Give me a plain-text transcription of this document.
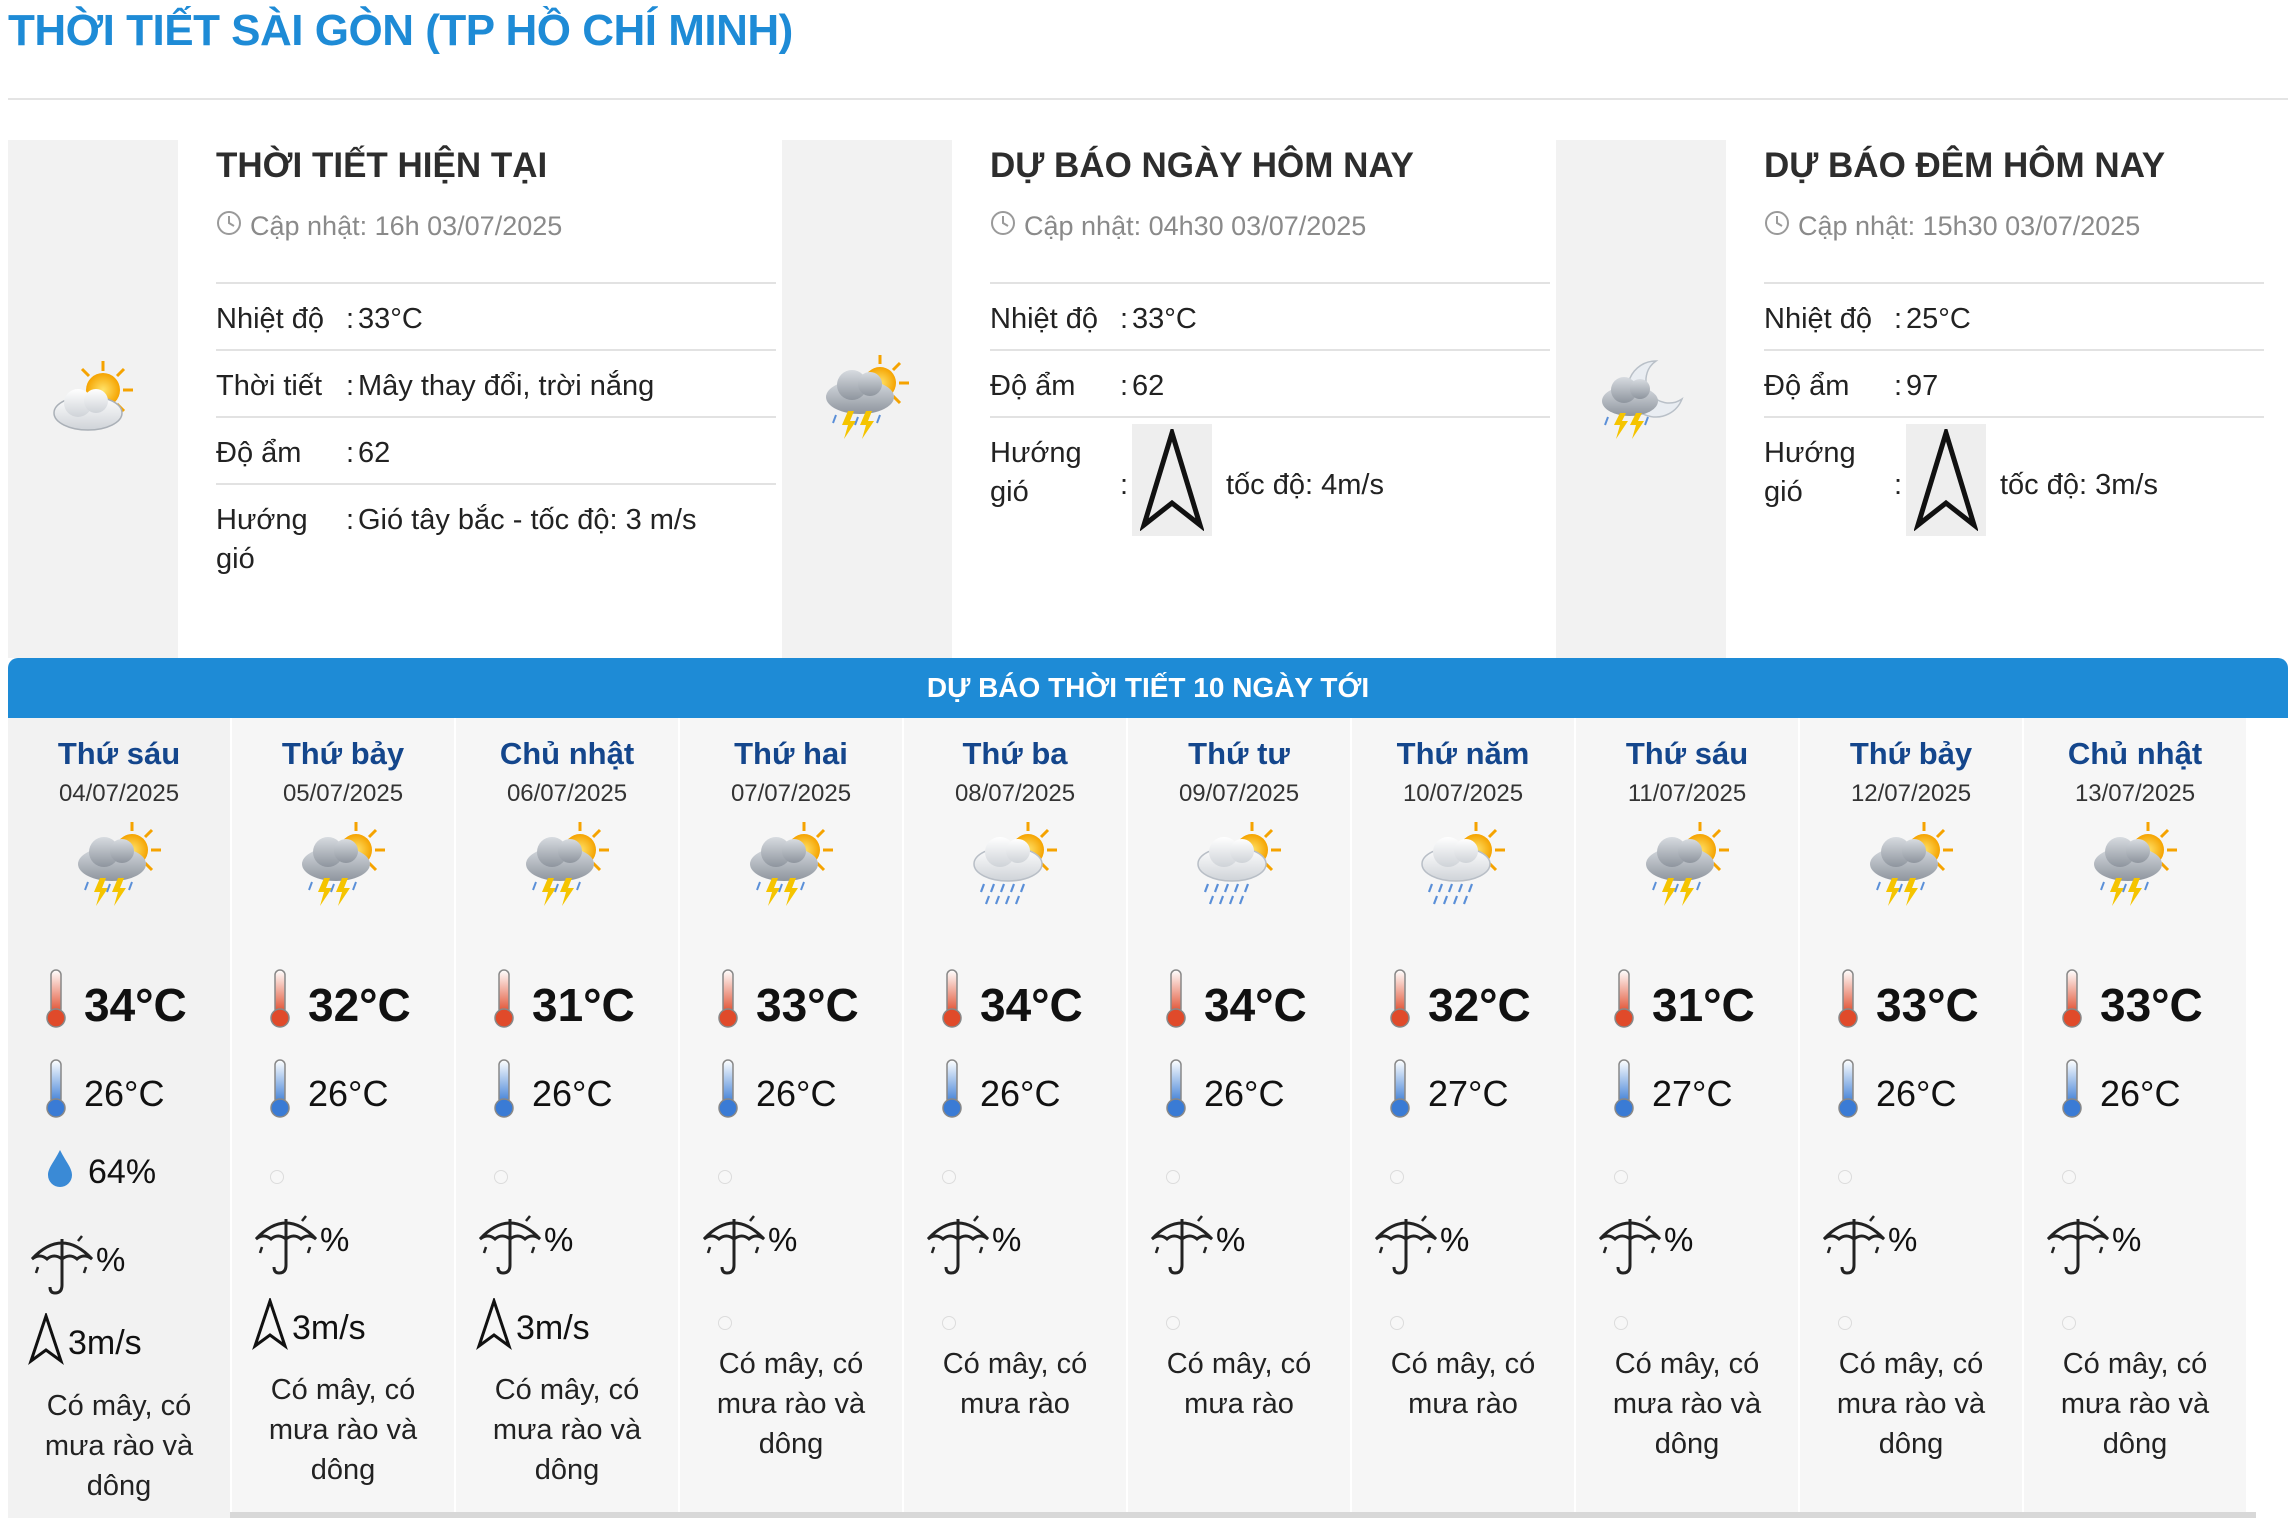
THỜI TIẾT SÀI GÒN (TP HỒ CHÍ MINH)
THỜI TIẾT HIỆN TẠI
Cập nhật: 16h 03/07/2025
Nhiệt độ	: 33°C
Thời tiết	: Mây thay đổi, trời nắng
Độ ẩm	: 62
Hướng gió
: Gió tây bắc - tốc độ: 3 m/s
DỰ BÁO NGÀY HÔM NAY
Cập nhật: 04h30 03/07/2025
Nhiệt độ	: 33°C
Độ ẩm	: 62
Hướng gió	: tốc độ: 4m/s
DỰ BÁO ĐÊM HÔM NAY
Cập nhật: 15h30 03/07/2025
Nhiệt độ	: 25°C
Độ ẩm	: 97
Hướng gió	: tốc độ: 3m/s
DỰ BÁO THỜI TIẾT 10 NGÀY TỚI
Thứ sáu
04/07/2025
34°C
26°C
64%
%
3m/s
Có mây, có mưa rào và dông
Thứ bảy
05/07/2025
32°C
26°C
%
3m/s
Có mây, có mưa rào và dông
Chủ nhật
06/07/2025
31°C
26°C
%
3m/s
Có mây, có mưa rào và dông
Thứ hai
07/07/2025
33°C
26°C
%
Có mây, có mưa rào và dông
Thứ ba
08/07/2025
34°C
26°C
%
Có mây, có mưa rào
Thứ tư
09/07/2025
34°C
26°C
%
Có mây, có mưa rào
Thứ năm
10/07/2025
32°C
27°C
%
Có mây, có mưa rào
Thứ sáu
11/07/2025
31°C
27°C
%
Có mây, có mưa rào và dông
Thứ bảy
12/07/2025
33°C
26°C
%
Có mây, có mưa rào và dông
Chủ nhật
13/07/2025
33°C
26°C
%
Có mây, có mưa rào và dông
